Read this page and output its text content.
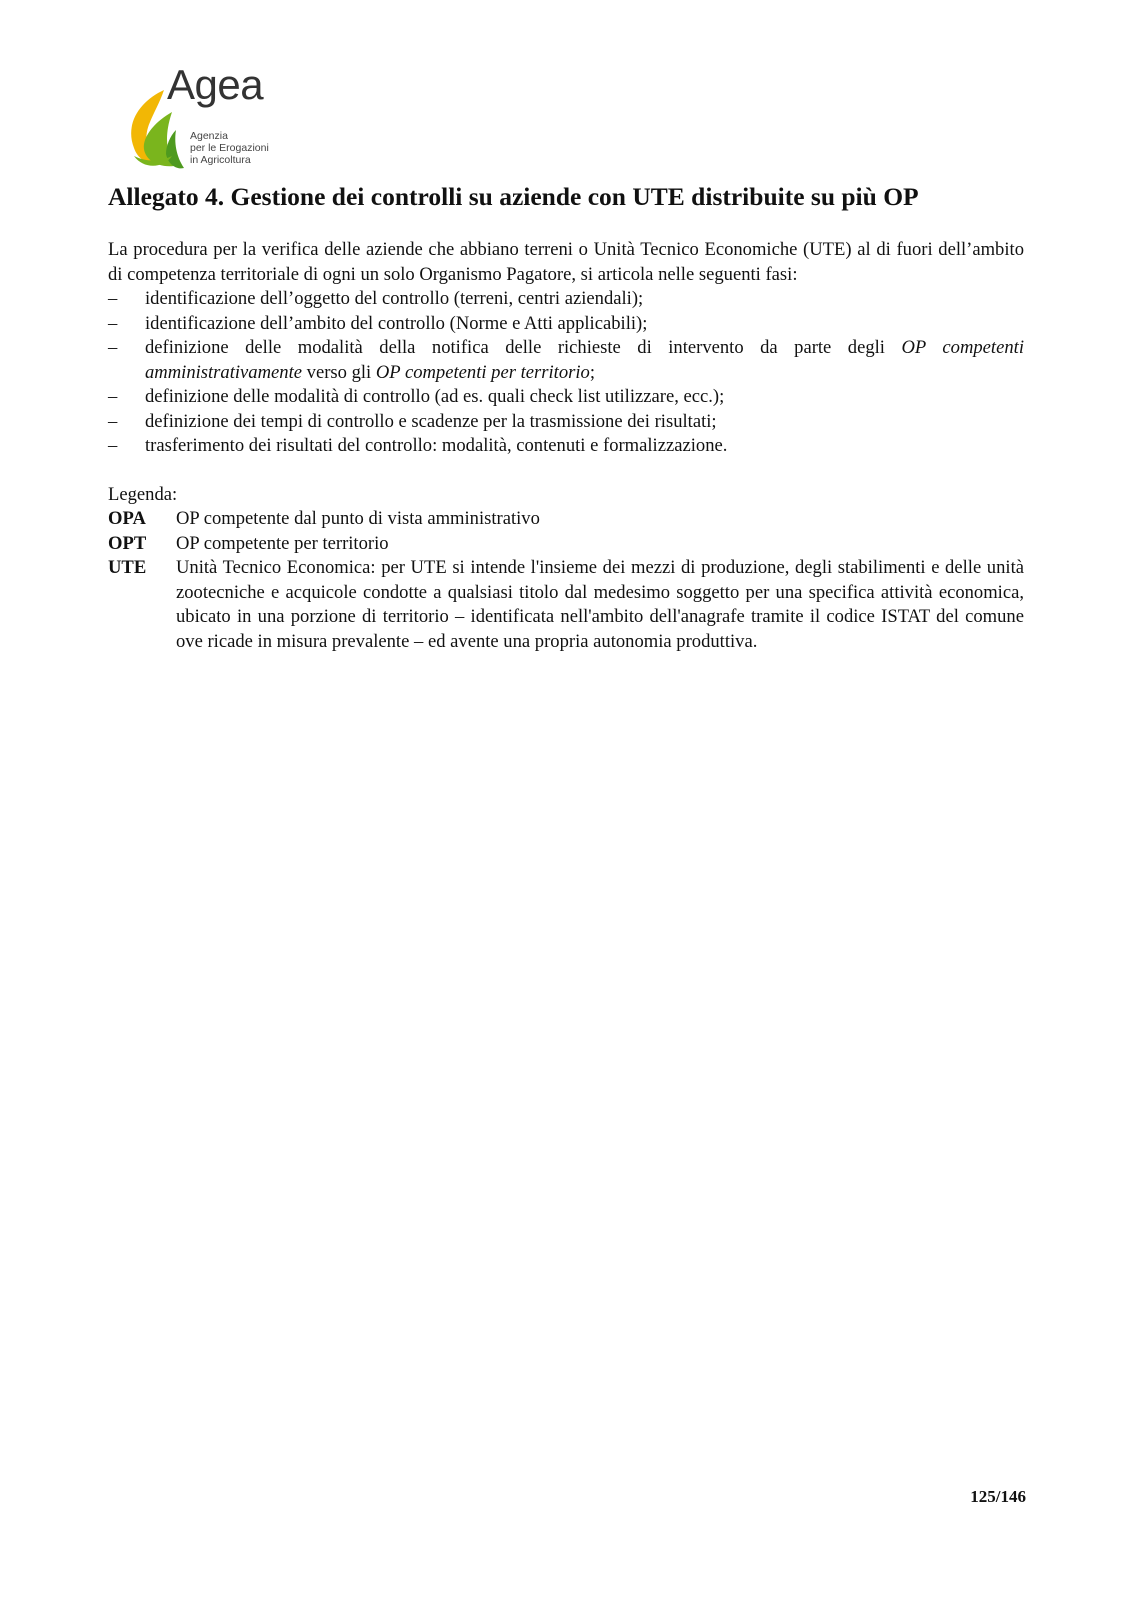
Agea
Agenzia
per le Erogazioni
in Agricoltura
Allegato 4. Gestione dei controlli su aziende con UTE distribuite su più OP

La procedura per la verifica delle aziende che abbiano terreni o Unità Tecnico Economiche (UTE) al di fuori dell’ambito di competenza territoriale di ogni un solo Organismo Pagatore, si articola nelle seguenti fasi:

– identificazione dell’oggetto del controllo (terreni, centri aziendali);
– identificazione dell’ambito del controllo (Norme e Atti applicabili);
– definizione delle modalità della notifica delle richieste di intervento da parte degli OP competenti amministrativamente verso gli OP competenti per territorio;
– definizione delle modalità di controllo (ad es. quali check list utilizzare, ecc.);
– definizione dei tempi di controllo e scadenze per la trasmissione dei risultati;
– trasferimento dei risultati del controllo: modalità, contenuti e formalizzazione.

Legenda:

OPA	OP competente dal punto di vista amministrativo
OPT	OP competente per territorio
UTE	Unità Tecnico Economica: per UTE si intende l'insieme dei mezzi di produzione, degli stabilimenti e delle unità zootecniche e acquicole condotte a qualsiasi titolo dal medesimo soggetto per una specifica attività economica, ubicato in una porzione di territorio – identificata nell'ambito dell'anagrafe tramite il codice ISTAT del comune ove ricade in misura prevalente – ed avente una propria autonomia produttiva.
125/146
